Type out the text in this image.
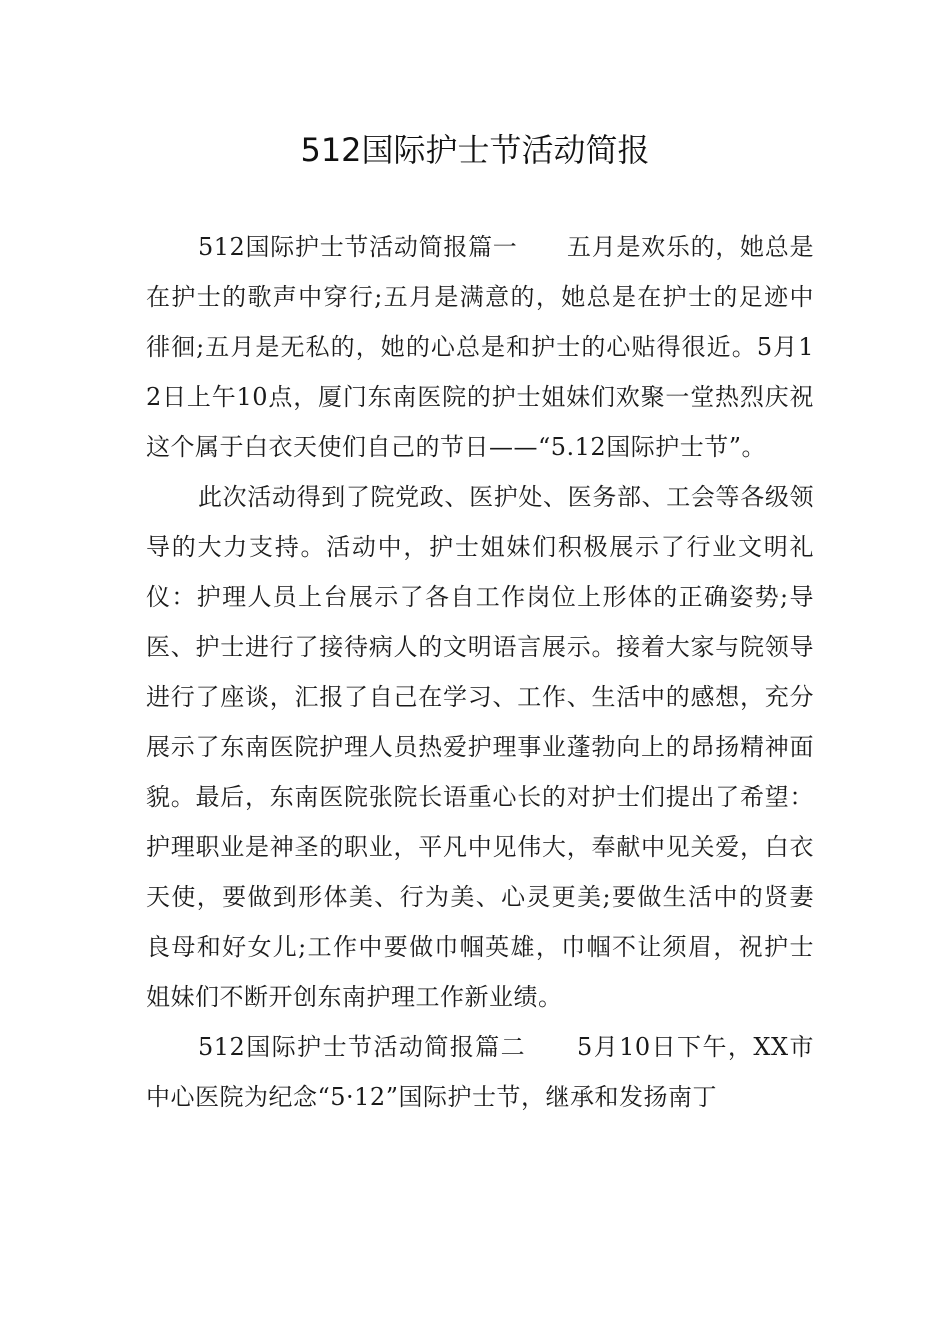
512国际护士节活动简报

512国际护士节活动简报篇一　　五月是欢乐的，她总是在护士的歌声中穿行;五月是满意的，她总是在护士的足迹中徘徊;五月是无私的，她的心总是和护士的心贴得很近。5月12日上午10点，厦门东南医院的护士姐妹们欢聚一堂热烈庆祝这个属于白衣天使们自己的节日——“5.12国际护士节”。

此次活动得到了院党政、医护处、医务部、工会等各级领导的大力支持。活动中，护士姐妹们积极展示了行业文明礼仪：护理人员上台展示了各自工作岗位上形体的正确姿势;导医、护士进行了接待病人的文明语言展示。接着大家与院领导进行了座谈，汇报了自己在学习、工作、生活中的感想，充分展示了东南医院护理人员热爱护理事业蓬勃向上的昂扬精神面貌。最后，东南医院张院长语重心长的对护士们提出了希望：护理职业是神圣的职业，平凡中见伟大，奉献中见关爱，白衣天使，要做到形体美、行为美、心灵更美;要做生活中的贤妻良母和好女儿;工作中要做巾帼英雄，巾帼不让须眉，祝护士姐妹们不断开创东南护理工作新业绩。

512国际护士节活动简报篇二　　5月10日下午，XX市中心医院为纪念“5·12”国际护士节，继承和发扬南丁
